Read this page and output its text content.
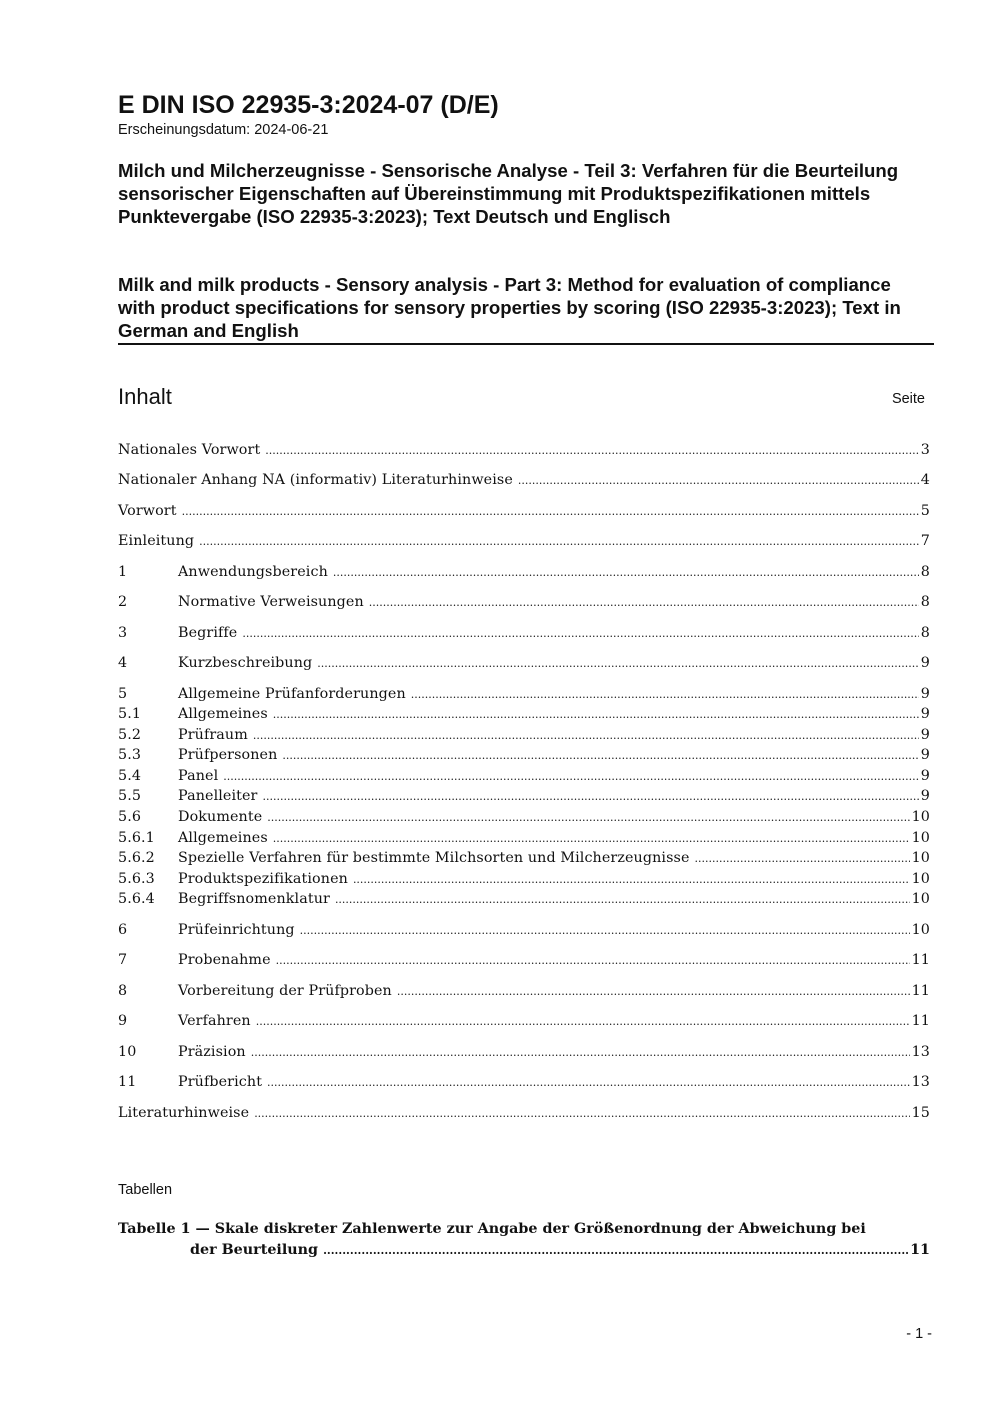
E DIN ISO 22935-3:2024-07 (D/E)
Erscheinungsdatum: 2024-06-21
Milch und Milcherzeugnisse - Sensorische Analyse - Teil 3: Verfahren für die Beurteilung sensorischer Eigenschaften auf Übereinstimmung mit Produktspezifikationen mittels Punktevergabe (ISO 22935-3:2023); Text Deutsch und Englisch
Milk and milk products - Sensory analysis - Part 3: Method for evaluation of compliance with product specifications for sensory properties by scoring (ISO 22935-3:2023); Text in German and English
Inhalt	Seite
Nationales Vorwort .....	3
Nationaler Anhang NA (informativ) Literaturhinweise .....	4
Vorwort .....	5
Einleitung .....	7
1	Anwendungsbereich .....	8
2	Normative Verweisungen .....	8
3	Begriffe .....	8
4	Kurzbeschreibung .....	9
5	Allgemeine Prüfanforderungen .....	9
5.1	Allgemeines .....	9
5.2	Prüfraum .....	9
5.3	Prüfpersonen .....	9
5.4	Panel .....	9
5.5	Panelleiter .....	9
5.6	Dokumente .....	10
5.6.1	Allgemeines .....	10
5.6.2	Spezielle Verfahren für bestimmte Milchsorten und Milcherzeugnisse .....	10
5.6.3	Produktspezifikationen .....	10
5.6.4	Begriffsnomenklatur .....	10
6	Prüfeinrichtung .....	10
7	Probenahme .....	11
8	Vorbereitung der Prüfproben .....	11
9	Verfahren .....	11
10	Präzision .....	13
11	Prüfbericht .....	13
Literaturhinweise .....	15
Tabellen
Tabelle 1 — Skale diskreter Zahlenwerte zur Angabe der Größenordnung der Abweichung bei
der Beurteilung .....	11
- 1 -
